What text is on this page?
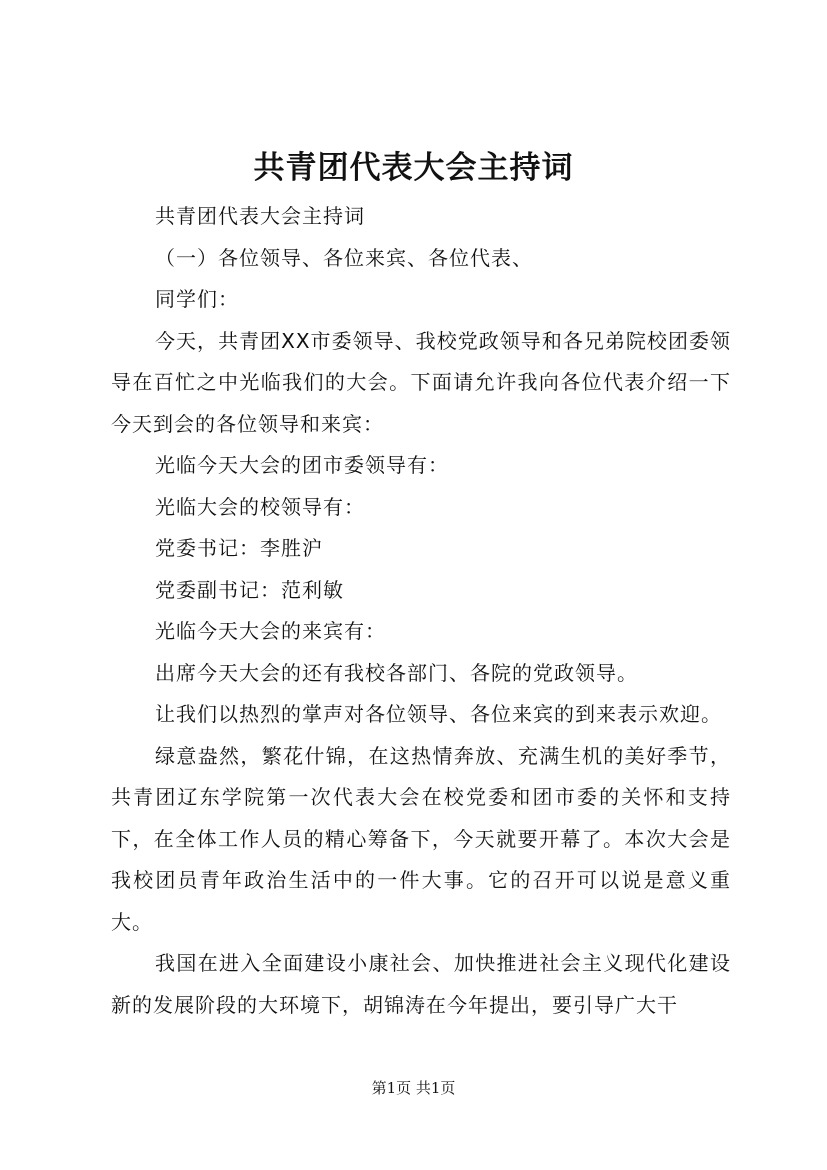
共青团代表大会主持词

共青团代表大会主持词

（一）各位领导、各位来宾、各位代表、

同学们：

今天，共青团XX市委领导、我校党政领导和各兄弟院校团委领导在百忙之中光临我们的大会。下面请允许我向各位代表介绍一下今天到会的各位领导和来宾：

光临今天大会的团市委领导有：

光临大会的校领导有：

党委书记：李胜沪

党委副书记：范利敏

光临今天大会的来宾有：

出席今天大会的还有我校各部门、各院的党政领导。

让我们以热烈的掌声对各位领导、各位来宾的到来表示欢迎。

绿意盎然，繁花什锦，在这热情奔放、充满生机的美好季节，共青团辽东学院第一次代表大会在校党委和团市委的关怀和支持下，在全体工作人员的精心筹备下，今天就要开幕了。本次大会是我校团员青年政治生活中的一件大事。它的召开可以说是意义重大。

我国在进入全面建设小康社会、加快推进社会主义现代化建设新的发展阶段的大环境下，胡锦涛在今年提出，要引导广大干

第1页 共1页
